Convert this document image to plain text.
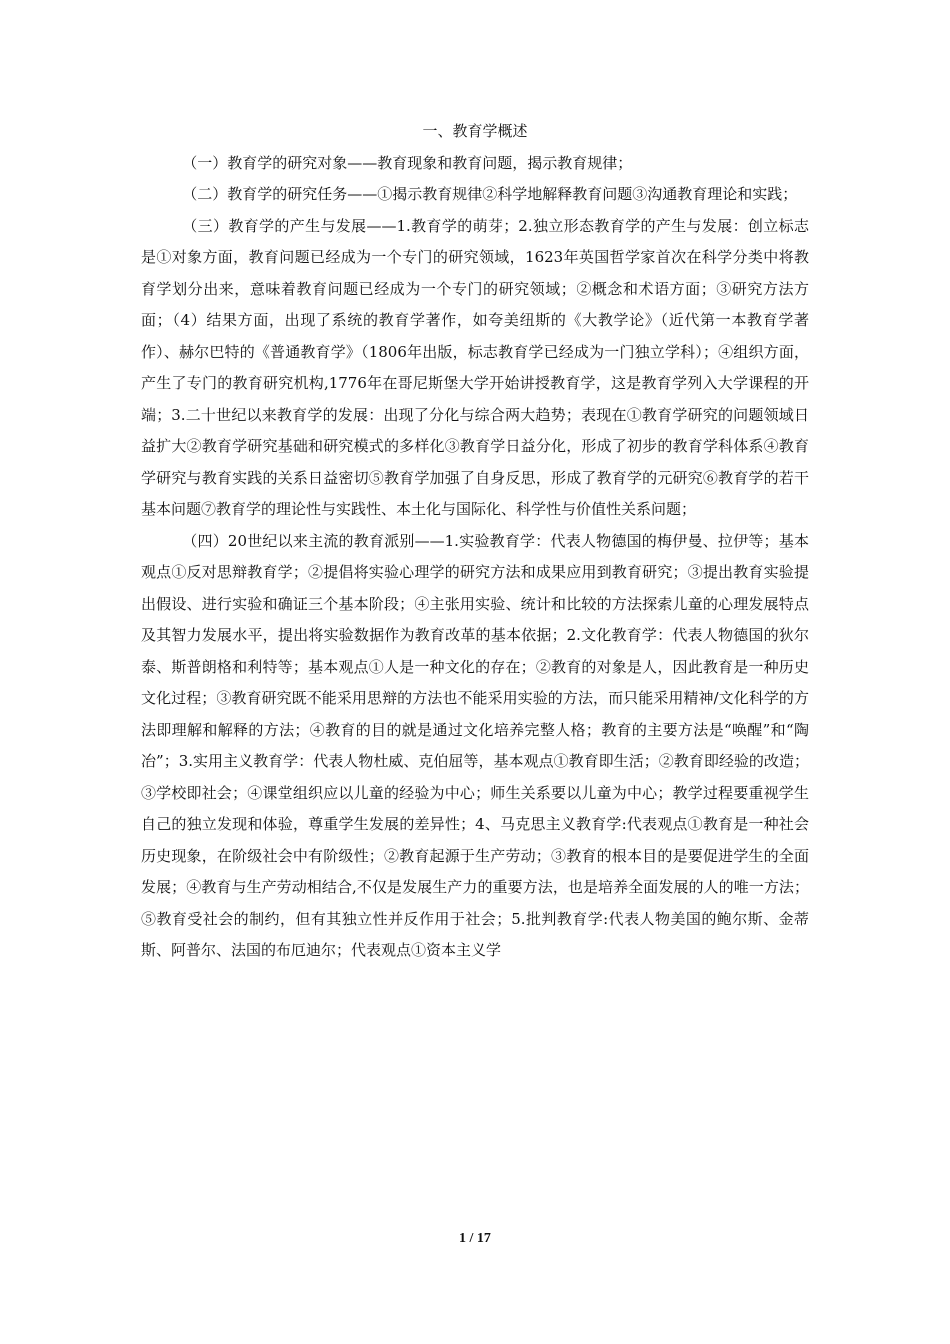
一、教育学概述

（一）教育学的研究对象——教育现象和教育问题，揭示教育规律；

（二）教育学的研究任务——①揭示教育规律②科学地解释教育问题③沟通教育理论和实践；

（三）教育学的产生与发展——1.教育学的萌芽；2.独立形态教育学的产生与发展：创立标志是①对象方面，教育问题已经成为一个专门的研究领域，1623年英国哲学家首次在科学分类中将教育学划分出来，意味着教育问题已经成为一个专门的研究领域；②概念和术语方面；③研究方法方面；（4）结果方面，出现了系统的教育学著作，如夸美纽斯的《大教学论》（近代第一本教育学著作）、赫尔巴特的《普通教育学》（1806年出版，标志教育学已经成为一门独立学科）；④组织方面，产生了专门的教育研究机构,1776年在哥尼斯堡大学开始讲授教育学，这是教育学列入大学课程的开端；3.二十世纪以来教育学的发展：出现了分化与综合两大趋势；表现在①教育学研究的问题领域日益扩大②教育学研究基础和研究模式的多样化③教育学日益分化，形成了初步的教育学科体系④教育学研究与教育实践的关系日益密切⑤教育学加强了自身反思，形成了教育学的元研究⑥教育学的若干基本问题⑦教育学的理论性与实践性、本土化与国际化、科学性与价值性关系问题；

（四）20世纪以来主流的教育派别——1.实验教育学：代表人物德国的梅伊曼、拉伊等；基本观点①反对思辩教育学；②提倡将实验心理学的研究方法和成果应用到教育研究；③提出教育实验提出假设、进行实验和确证三个基本阶段；④主张用实验、统计和比较的方法探索儿童的心理发展特点及其智力发展水平，提出将实验数据作为教育改革的基本依据；2.文化教育学：代表人物德国的狄尔泰、斯普朗格和利特等；基本观点①人是一种文化的存在；②教育的对象是人，因此教育是一种历史文化过程；③教育研究既不能采用思辩的方法也不能采用实验的方法，而只能采用精神/文化科学的方法即理解和解释的方法；④教育的目的就是通过文化培养完整人格；教育的主要方法是“唤醒”和“陶冶”；3.实用主义教育学：代表人物杜威、克伯屈等，基本观点①教育即生活；②教育即经验的改造；③学校即社会；④课堂组织应以儿童的经验为中心；师生关系要以儿童为中心；教学过程要重视学生自己的独立发现和体验，尊重学生发展的差异性；4、马克思主义教育学:代表观点①教育是一种社会历史现象，在阶级社会中有阶级性；②教育起源于生产劳动；③教育的根本目的是要促进学生的全面发展；④教育与生产劳动相结合,不仅是发展生产力的重要方法，也是培养全面发展的人的唯一方法；⑤教育受社会的制约，但有其独立性并反作用于社会；5.批判教育学:代表人物美国的鲍尔斯、金蒂斯、阿普尔、法国的布厄迪尔；代表观点①资本主义学

1 / 17
